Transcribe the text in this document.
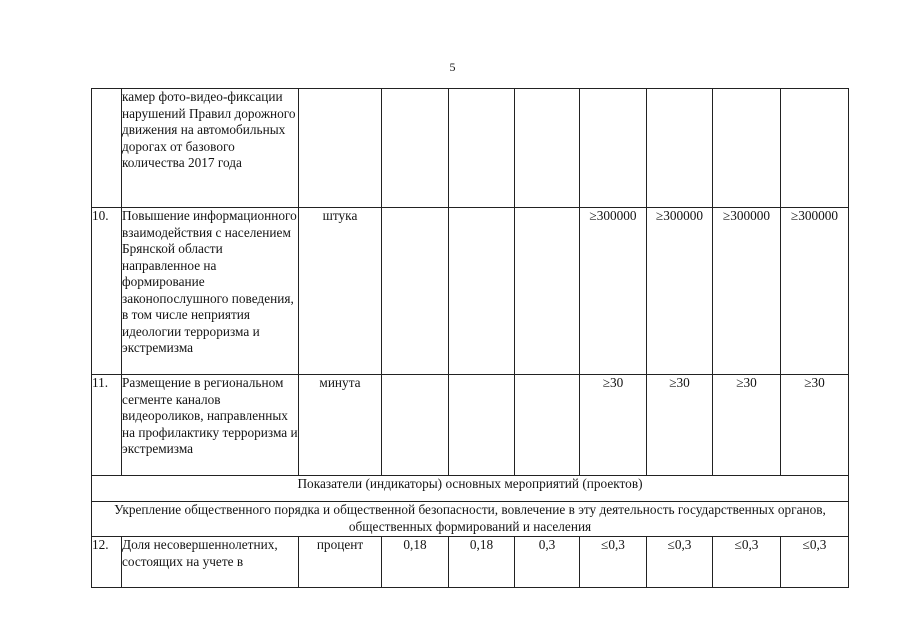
5
	камер фото-видео-фиксации нарушений Правил дорожного движения на автомобильных дорогах от базового количества 2017 года								
10.	Повышение информационного взаимодействия с населением Брянской области направленное на формирование законопослушного поведения, в том числе неприятия идеологии терроризма и экстремизма	штука				≥300000	≥300000	≥300000	≥300000
11.	Размещение в региональном сегменте каналов видеороликов, направленных на профилактику терроризма и экстремизма	минута				≥30	≥30	≥30	≥30
Показатели (индикаторы) основных мероприятий (проектов)									
Укрепление общественного порядка и общественной безопасности, вовлечение в эту деятельность государственных органов, общественных формирований и населения									
12.	Доля несовершеннолетних, состоящих на учете в	процент	0,18	0,18	0,3	≤0,3	≤0,3	≤0,3	≤0,3
